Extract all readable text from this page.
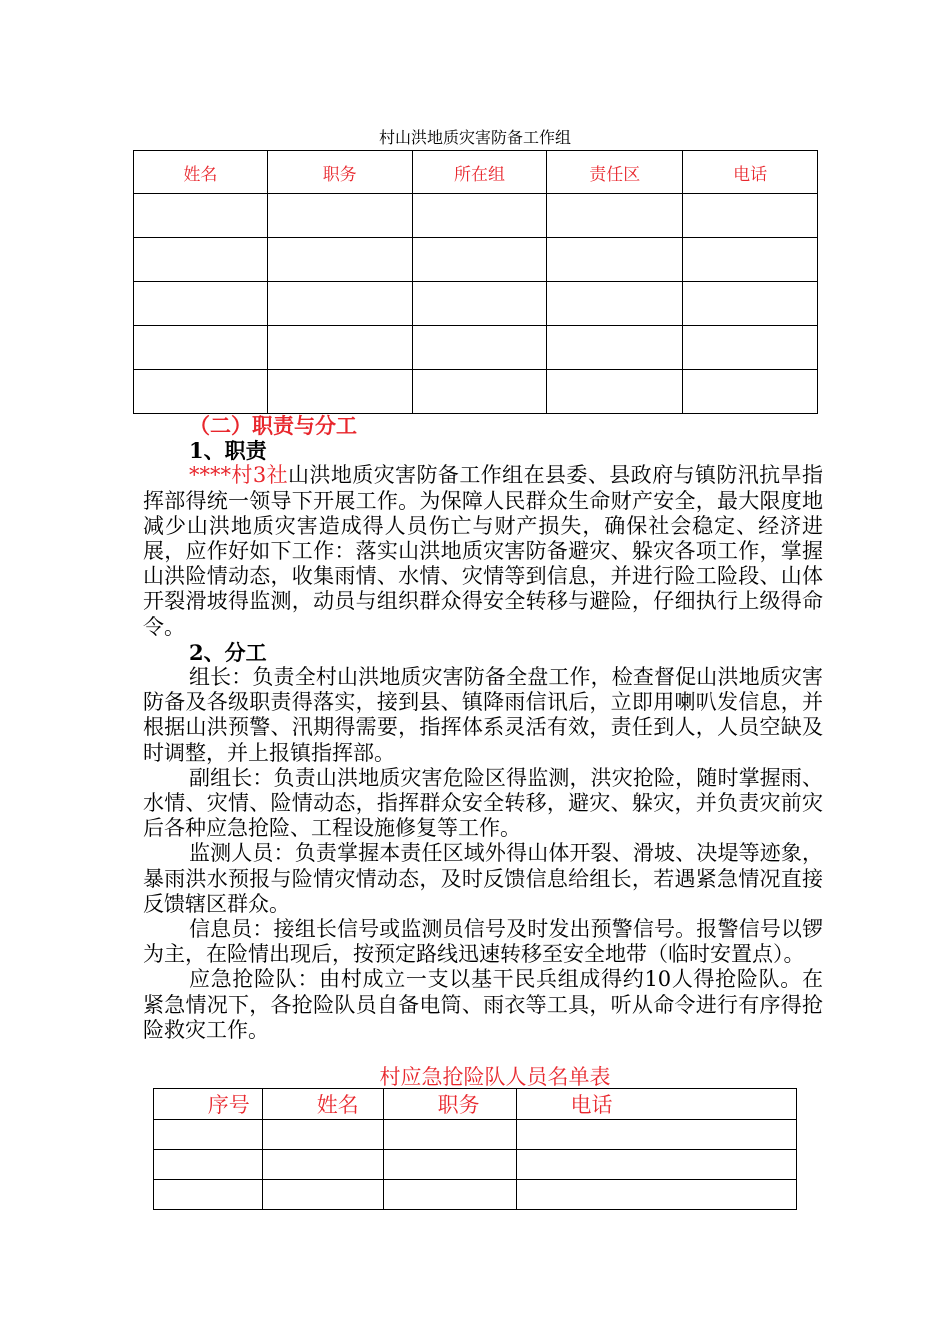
村山洪地质灾害防备工作组
姓名	职务	所在组	责任区	电话

（二）职责与分工
1、职责

****村3社山洪地质灾害防备工作组在县委、县政府与镇防汛抗旱指挥部得统一领导下开展工作。为保障人民群众生命财产安全，最大限度地减少山洪地质灾害造成得人员伤亡与财产损失，确保社会稳定、经济进展，应作好如下工作：落实山洪地质灾害防备避灾、躲灾各项工作，掌握山洪险情动态，收集雨情、水情、灾情等到信息，并进行险工险段、山体开裂滑坡得监测，动员与组织群众得安全转移与避险，仔细执行上级得命令。

2、分工

组长：负责全村山洪地质灾害防备全盘工作，检查督促山洪地质灾害防备及各级职责得落实，接到县、镇降雨信讯后，立即用喇叭发信息，并根据山洪预警、汛期得需要，指挥体系灵活有效，责任到人，人员空缺及时调整，并上报镇指挥部。

副组长：负责山洪地质灾害危险区得监测，洪灾抢险，随时掌握雨、水情、灾情、险情动态，指挥群众安全转移，避灾、躲灾，并负责灾前灾后各种应急抢险、工程设施修复等工作。

监测人员：负责掌握本责任区域外得山体开裂、滑坡、决堤等迹象，暴雨洪水预报与险情灾情动态，及时反馈信息给组长，若遇紧急情况直接反馈辖区群众。

信息员：接组长信号或监测员信号及时发出预警信号。报警信号以锣为主，在险情出现后，按预定路线迅速转移至安全地带（临时安置点）。

应急抢险队：由村成立一支以基干民兵组成得约10人得抢险队。在紧急情况下，各抢险队员自备电筒、雨衣等工具，听从命令进行有序得抢险救灾工作。

村应急抢险队人员名单表
序号	姓名	职务	电话
